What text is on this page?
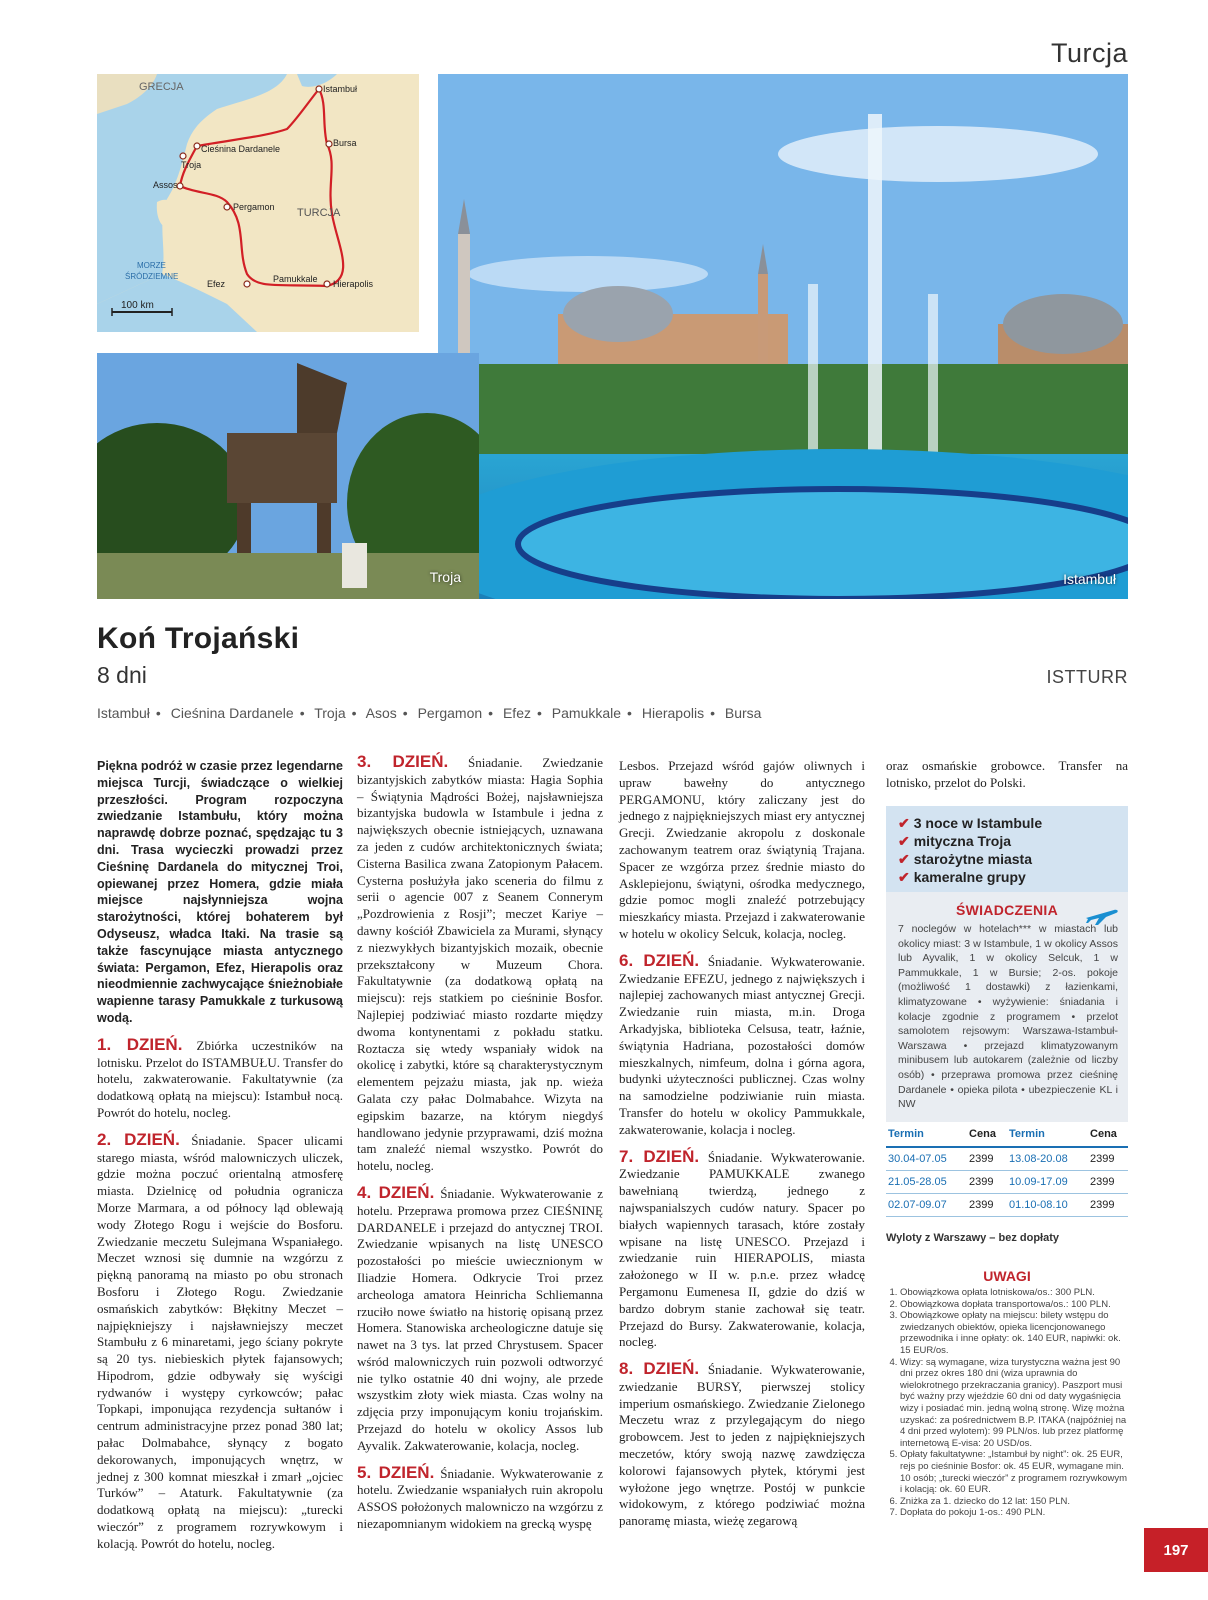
Turcja
GRECJA	Istambuł
Cieśnina Dardanele
Troja
Bursa
Assos
Pergamon TURCJA
MORZE
ŚRÓDZIEMNE
Efez	Pamukkale Hierapolis
100 km
Istambuł
Troja
Koń Trojański
8 dni	ISTTURR
Istambuł • Cieśnina Dardanele • Troja • Asos • Pergamon • Efez • Pamukkale • Hierapolis • Bursa

Piękna podróż w czasie przez legendarne miejsca Turcji, świadczące o wielkiej przeszłości. Program rozpoczyna zwiedzanie Istambułu, który można naprawdę dobrze poznać, spędzając tu 3 dni. Trasa wycieczki prowadzi przez Cieśninę Dardanela do mitycznej Troi, opiewanej przez Homera, gdzie miała miejsce najsłynniejsza wojna starożytności, której bohaterem był Odyseusz, władca Itaki. Na trasie są także fascynujące miasta antycznego świata: Pergamon, Efez, Hierapolis oraz nieodmiennie zachwycające śnieżnobiałe wapienne tarasy Pamukkale z turkusową wodą.

1. DZIEŃ. Zbiórka uczestników na lotnisku. Przelot do ISTAMBUŁU. Transfer do hotelu, zakwaterowanie. Fakultatywnie (za dodatkową opłatą na miejscu): Istambuł nocą. Powrót do hotelu, nocleg.

2. DZIEŃ. Śniadanie. Spacer ulicami starego miasta, wśród malowniczych uliczek, gdzie można poczuć orientalną atmosferę miasta. Dzielnicę od południa ogranicza Morze Marmara, a od północy ląd oblewają wody Złotego Rogu i wejście do Bosforu. Zwiedzanie meczetu Sulejmana Wspaniałego. Meczet wznosi się dumnie na wzgórzu z piękną panoramą na miasto po obu stronach Bosforu i Złotego Rogu. Zwiedzanie osmańskich zabytków: Błękitny Meczet – najpiękniejszy i najsławniejszy meczet Stambułu z 6 minaretami, jego ściany pokryte są 20 tys. niebieskich płytek fajansowych; Hipodrom, gdzie odbywały się wyścigi rydwanów i występy cyrkowców; pałac Topkapi, imponująca rezydencja sułtanów i centrum administracyjne przez ponad 380 lat; pałac Dolmabahce, słynący z bogato dekorowanych, imponujących wnętrz, w jednej z 300 komnat mieszkał i zmarł „ojciec Turków” – Ataturk. Fakultatywnie (za dodatkową opłatą na miejscu): „turecki wieczór” z programem rozrywkowym i kolacją. Powrót do hotelu, nocleg.

3. DZIEŃ. Śniadanie. Zwiedzanie bizantyjskich zabytków miasta: Hagia Sophia – Świątynia Mądrości Bożej, najsławniejsza bizantyjska budowla w Istambule i jedna z największych obecnie istniejących, uznawana za jeden z cudów architektonicznych świata; Cisterna Basilica zwana Zatopionym Pałacem. Cysterna posłużyła jako sceneria do filmu z serii o agencie 007 z Seanem Connerym „Pozdrowienia z Rosji”; meczet Kariye – dawny kościół Zbawiciela za Murami, słynący z niezwykłych bizantyjskich mozaik, obecnie przekształcony w Muzeum Chora. Fakultatywnie (za dodatkową opłatą na miejscu): rejs statkiem po cieśninie Bosfor. Najlepiej podziwiać miasto rozdarte między dwoma kontynentami z pokładu statku. Roztacza się wtedy wspaniały widok na okolicę i zabytki, które są charakterystycznym elementem pejzażu miasta, jak np. wieża Galata czy pałac Dolmabahce. Wizyta na egipskim bazarze, na którym niegdyś handlowano jedynie przyprawami, dziś można tam znaleźć niemal wszystko. Powrót do hotelu, nocleg.

4. DZIEŃ. Śniadanie. Wykwaterowanie z hotelu. Przeprawa promowa przez CIEŚNINĘ DARDANELE i przejazd do antycznej TROI. Zwiedzanie wpisanych na listę UNESCO pozostałości po mieście uwiecznionym w Iliadzie Homera. Odkrycie Troi przez archeologa amatora Heinricha Schliemanna rzuciło nowe światło na historię opisaną przez Homera. Stanowiska archeologiczne datuje się nawet na 3 tys. lat przed Chrystusem. Spacer wśród malowniczych ruin pozwoli odtworzyć nie tylko ostatnie 40 dni wojny, ale przede wszystkim złoty wiek miasta. Czas wolny na zdjęcia przy imponującym koniu trojańskim. Przejazd do hotelu w okolicy Assos lub Ayvalik. Zakwaterowanie, kolacja, nocleg.

5. DZIEŃ. Śniadanie. Wykwaterowanie z hotelu. Zwiedzanie wspaniałych ruin akropolu ASSOS położonych malowniczo na wzgórzu z niezapomnianym widokiem na grecką wyspę

Lesbos. Przejazd wśród gajów oliwnych i upraw bawełny do antycznego PERGAMONU, który zaliczany jest do jednego z najpiękniejszych miast ery antycznej Grecji. Zwiedzanie akropolu z doskonale zachowanym teatrem oraz świątynią Trajana. Spacer ze wzgórza przez średnie miasto do Asklepiejonu, świątyni, ośrodka medycznego, gdzie pomoc mogli znaleźć potrzebujący mieszkańcy miasta. Przejazd i zakwaterowanie w hotelu w okolicy Selcuk, kolacja, nocleg.

6. DZIEŃ. Śniadanie. Wykwaterowanie. Zwiedzanie EFEZU, jednego z największych i najlepiej zachowanych miast antycznej Grecji. Zwiedzanie ruin miasta, m.in. Droga Arkadyjska, biblioteka Celsusa, teatr, łaźnie, świątynia Hadriana, pozostałości domów mieszkalnych, nimfeum, dolna i górna agora, budynki użyteczności publicznej. Czas wolny na samodzielne podziwianie ruin miasta. Transfer do hotelu w okolicy Pammukkale, zakwaterowanie, kolacja i nocleg.

7. DZIEŃ. Śniadanie. Wykwaterowanie. Zwiedzanie PAMUKKALE zwanego bawełnianą twierdzą, jednego z najwspanialszych cudów natury. Spacer po białych wapiennych tarasach, które zostały wpisane na listę UNESCO. Przejazd i zwiedzanie ruin HIERAPOLIS, miasta założonego w II w. p.n.e. przez władcę Pergamonu Eumenesa II, gdzie do dziś w bardzo dobrym stanie zachował się teatr. Przejazd do Bursy. Zakwaterowanie, kolacja, nocleg.

8. DZIEŃ. Śniadanie. Wykwaterowanie, zwiedzanie BURSY, pierwszej stolicy imperium osmańskiego. Zwiedzanie Zielonego Meczetu wraz z przylegającym do niego grobowcem. Jest to jeden z najpiękniejszych meczetów, który swoją nazwę zawdzięcza kolorowi fajansowych płytek, którymi jest wyłożone jego wnętrze. Postój w punkcie widokowym, z którego podziwiać można panoramę miasta, wieżę zegarową

oraz osmańskie grobowce. Transfer na lotnisko, przelot do Polski.

✔ 3 noce w Istambule
✔ mityczna Troja
✔ starożytne miasta
✔ kameralne grupy
ŚWIADCZENIA
7 noclegów w hotelach*** w miastach lub okolicy miast: 3 w Istambule, 1 w okolicy Assos lub Ayvalik, 1 w okolicy Selcuk, 1 w Pammukkale, 1 w Bursie; 2-os. pokoje (możliwość 1 dostawki) z łazienkami, klimatyzowane • wyżywienie: śniadania i kolacje zgodnie z programem • przelot samolotem rejsowym: Warszawa-Istambuł-Warszawa • przejazd klimatyzowanym minibusem lub autokarem (zależnie od liczby osób) • przeprawa promowa przez cieśninę Dardanele • opieka pilota • ubezpieczenie KL i NW
Termin	Cena	Termin	Cena
30.04-07.05	2399	13.08-20.08	2399
21.05-28.05	2399	10.09-17.09	2399
02.07-09.07	2399	01.10-08.10	2399
Wyloty z Warszawy – bez dopłaty
UWAGI
1. Obowiązkowa opłata lotniskowa/os.: 300 PLN.
2. Obowiązkowa dopłata transportowa/os.: 100 PLN.
3. Obowiązkowe opłaty na miejscu: bilety wstępu do zwiedzanych obiektów, opieka licencjonowanego przewodnika i inne opłaty: ok. 140 EUR, napiwki: ok. 15 EUR/os.
4. Wizy: są wymagane, wiza turystyczna ważna jest 90 dni przez okres 180 dni (wiza uprawnia do wielokrotnego przekraczania granicy). Paszport musi być ważny przy wjeździe 60 dni od daty wygaśnięcia wizy i posiadać min. jedną wolną stronę. Wizę można uzyskać: za pośrednictwem B.P. ITAKA (najpóźniej na 4 dni przed wylotem): 99 PLN/os. lub przez platformę internetową E-visa: 20 USD/os.
5. Opłaty fakultatywne: „Istambuł by night”: ok. 25 EUR, rejs po cieśninie Bosfor: ok. 45 EUR, wymagane min. 10 osób; „turecki wieczór” z programem rozrywkowym i kolacją: ok. 60 EUR.
6. Zniżka za 1. dziecko do 12 lat: 150 PLN.
7. Dopłata do pokoju 1-os.: 490 PLN.
197
